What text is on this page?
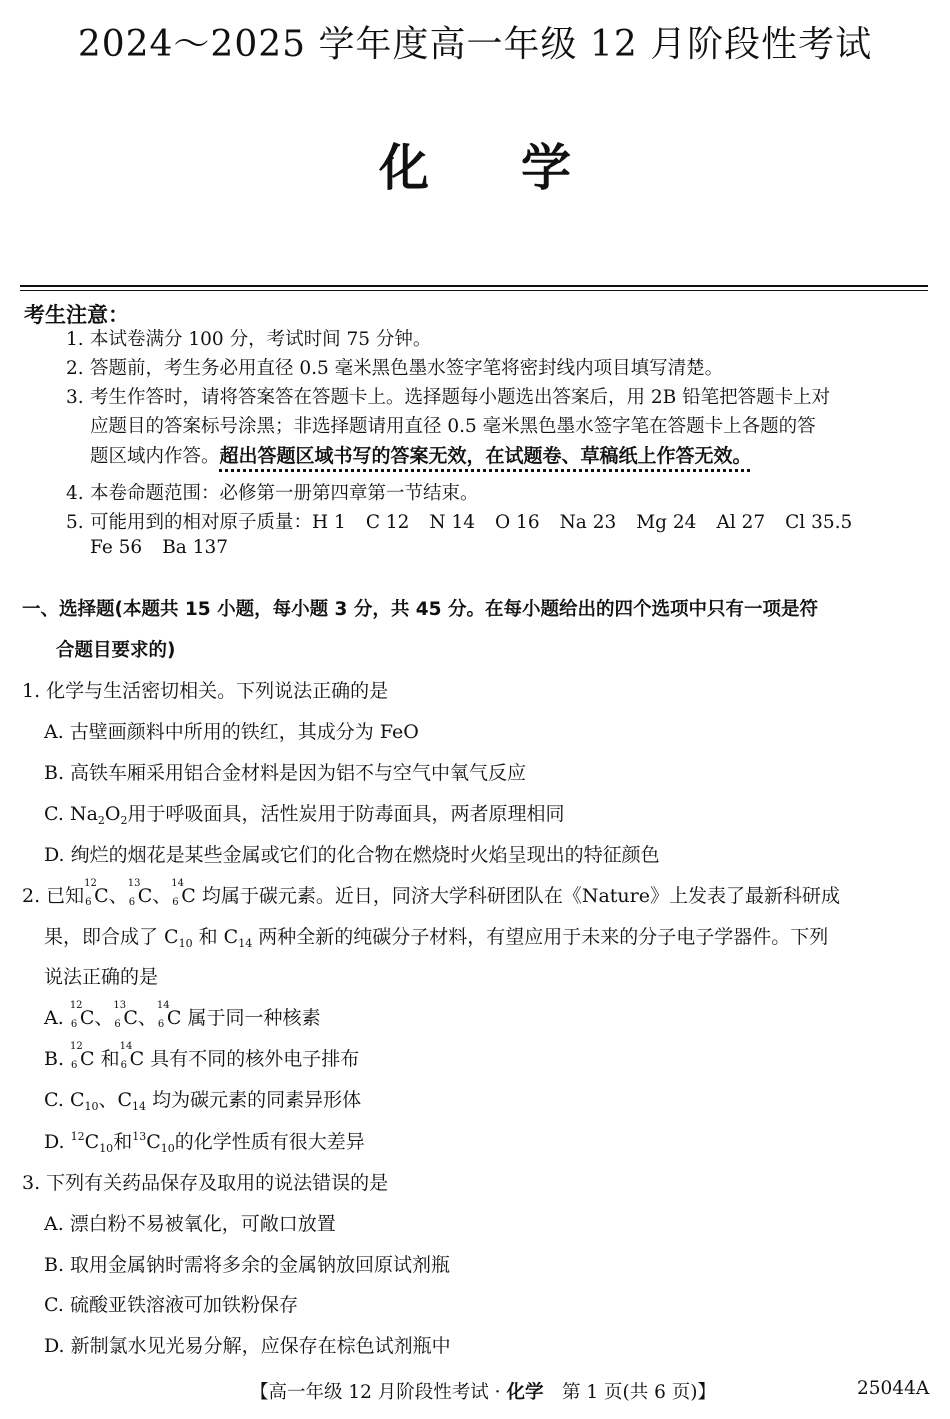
2024～2025 学年度高一年级 12 月阶段性考试
化 学
考生注意：
1. 本试卷满分 100 分，考试时间 75 分钟。
2. 答题前，考生务必用直径 0.5 毫米黑色墨水签字笔将密封线内项目填写清楚。
3. 考生作答时，请将答案答在答题卡上。选择题每小题选出答案后，用 2B 铅笔把答题卡上对
应题目的答案标号涂黑；非选择题请用直径 0.5 毫米黑色墨水签字笔在答题卡上各题的答
题区域内作答。超出答题区域书写的答案无效，在试题卷、草稿纸上作答无效。
4. 本卷命题范围：必修第一册第四章第一节结束。
5. 可能用到的相对原子质量：H 1 C 12 N 14 O 16 Na 23 Mg 24 Al 27 Cl 35.5
Fe 56 Ba 137
一、选择题(本题共 15 小题，每小题 3 分，共 45 分。在每小题给出的四个选项中只有一项是符
合题目要求的)
1. 化学与生活密切相关。下列说法正确的是
A. 古壁画颜料中所用的铁红，其成分为 FeO
B. 高铁车厢采用铝合金材料是因为铝不与空气中氧气反应
C. $Na_2O_2$用于呼吸面具，活性炭用于防毒面具，两者原理相同
D. 绚烂的烟花是某些金属或它们的化合物在燃烧时火焰呈现出的特征颜色
2. 已知
12
6 C、
13
6 C、
14
6 C 均属于碳元素。近日，同济大学科研团队在《Nature》上发表了最新科研成
果，即合成了 $C_{10}$ 和 $C_{14}$ 两种全新的纯碳分子材料，有望应用于未来的分子电子学器件。下列
说法正确的是
A.
12
6 C、
13
6 C、
14
6 C 属于同一种核素
B.
12
6 C 和
14
6 C 具有不同的核外电子排布
C. $C_{10}$、$C_{14}$ 均为碳元素的同素异形体
D. $^{12}C_{10}$和$^{13}C_{10}$的化学性质有很大差异
3. 下列有关药品保存及取用的说法错误的是
A. 漂白粉不易被氧化，可敞口放置
B. 取用金属钠时需将多余的金属钠放回原试剂瓶
C. 硫酸亚铁溶液可加铁粉保存
D. 新制氯水见光易分解，应保存在棕色试剂瓶中
【高一年级 12 月阶段性考试 · 化学　第 1 页(共 6 页)】	25044A
